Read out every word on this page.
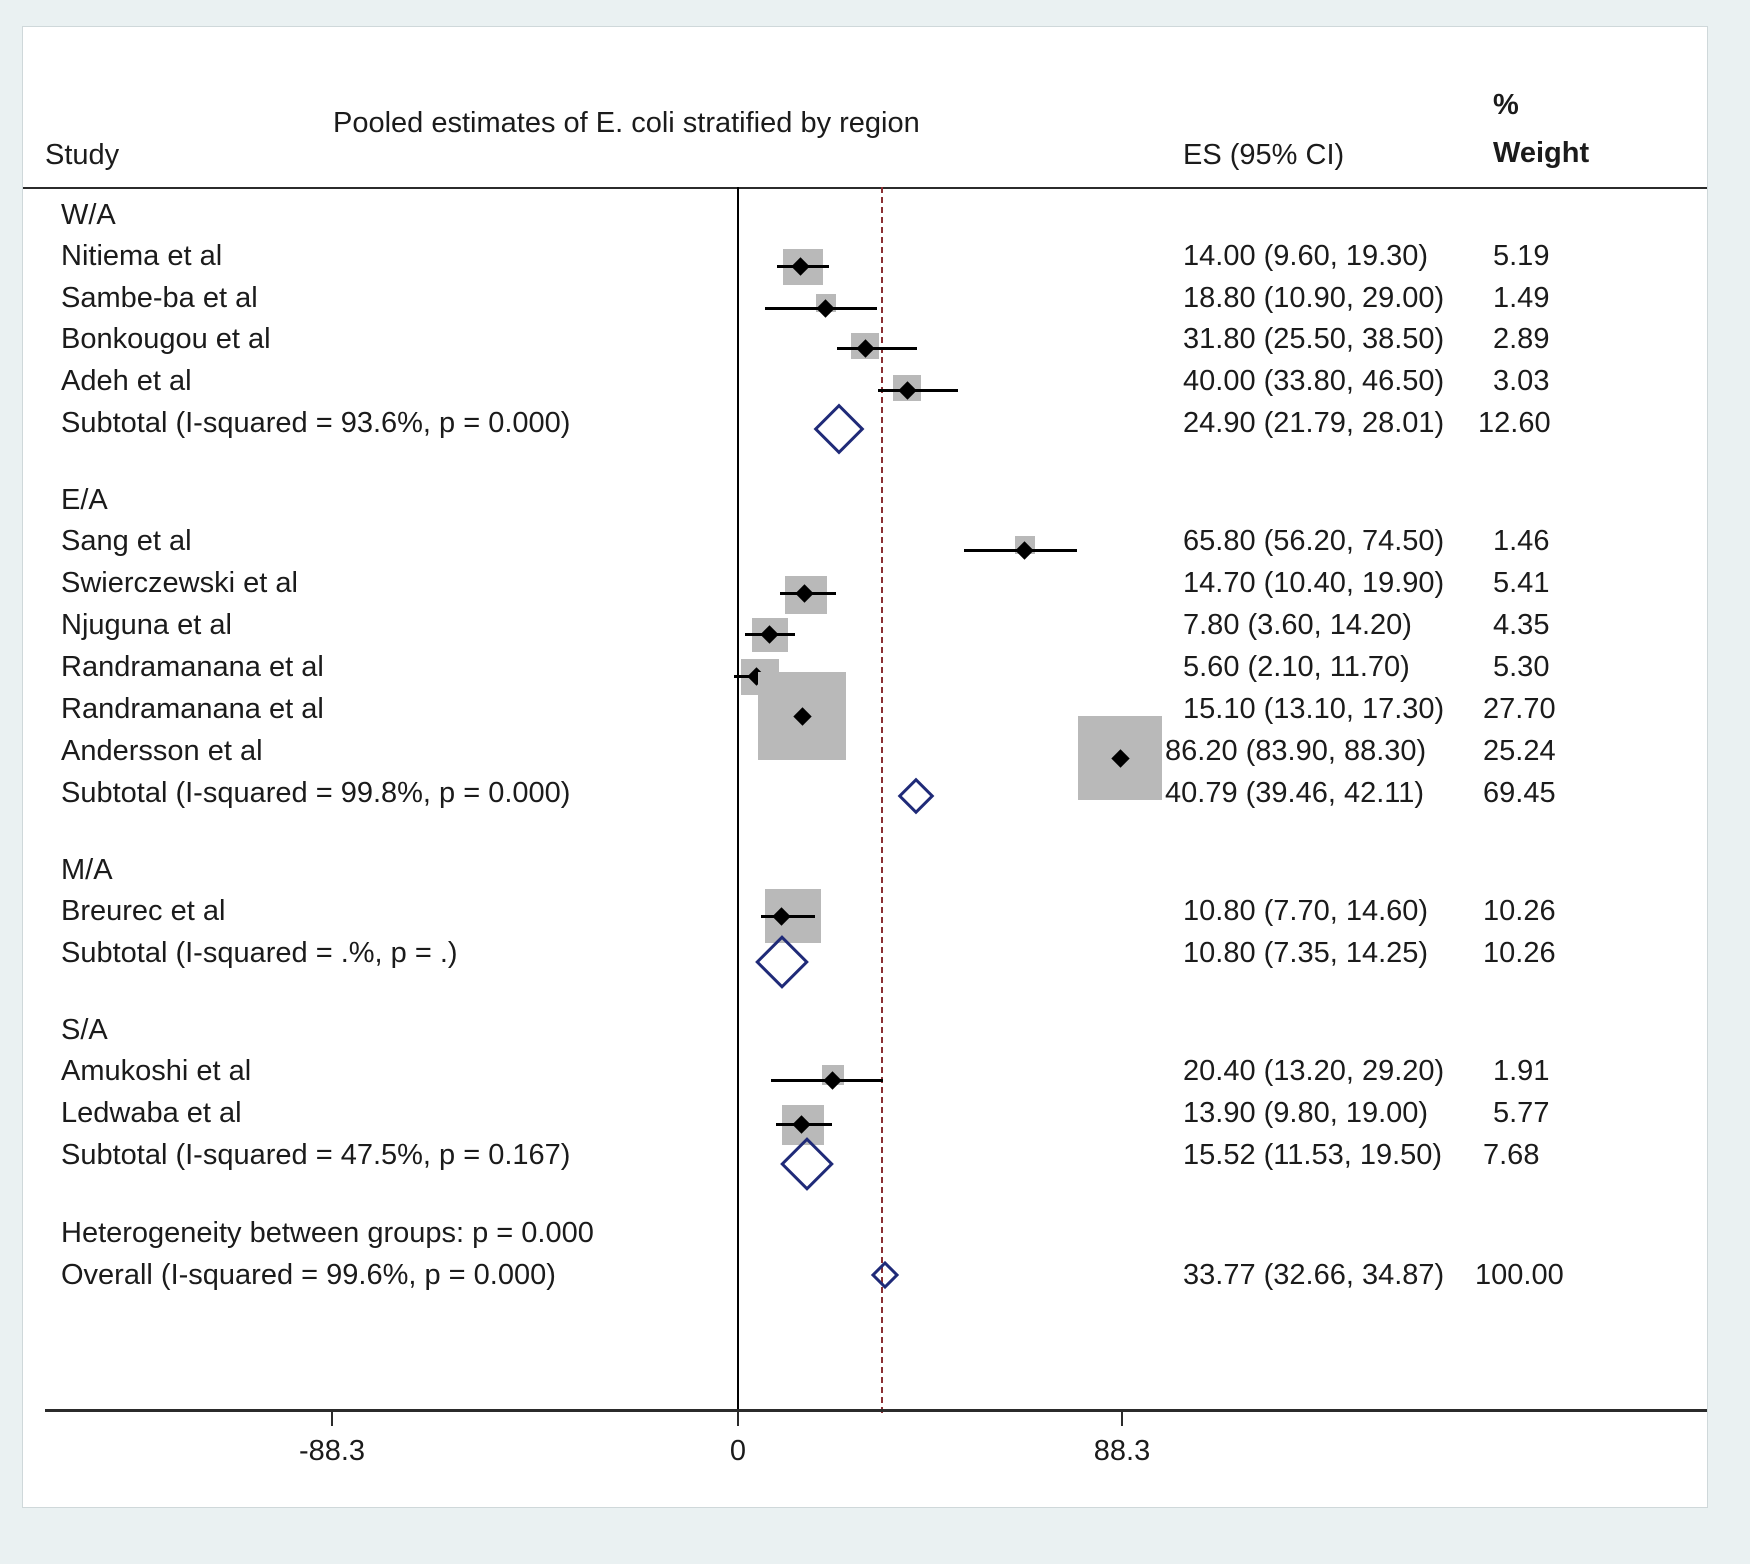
Pooled estimates of E. coli stratified by region
Study	ES (95% CI)
%
Weight
W/A
Nitiema et al	14.00 (9.60, 19.30) 5.19
Sambe-ba et al	18.80 (10.90, 29.00) 1.49
Bonkougou et al	31.80 (25.50, 38.50) 2.89
Adeh et al	40.00 (33.80, 46.50) 3.03
Subtotal (I-squared = 93.6%, p = 0.000)	24.90 (21.79, 28.01) 12.60
E/A
Sang et al	65.80 (56.20, 74.50) 1.46
Swierczewski et al	14.70 (10.40, 19.90) 5.41
Njuguna et al	7.80 (3.60, 14.20)	4.35
Randramanana et al	5.60 (2.10, 11.70)	5.30
Randramanana et al	15.10 (13.10, 17.30) 27.70
Andersson et al	86.20 (83.90, 88.30) 25.24
Subtotal (I-squared = 99.8%, p = 0.000)	40.79 (39.46, 42.11) 69.45
M/A
Breurec et al	10.80 (7.70, 14.60) 10.26
Subtotal (I-squared = .%, p = .)	10.80 (7.35, 14.25) 10.26
S/A
Amukoshi et al	20.40 (13.20, 29.20) 1.91
Ledwaba et al	13.90 (9.80, 19.00) 5.77
Subtotal (I-squared = 47.5%, p = 0.167)	15.52 (11.53, 19.50) 7.68
Heterogeneity between groups: p = 0.000
Overall (I-squared = 99.6%, p = 0.000)	33.77 (32.66, 34.87) 100.00
-88.3	0	88.3
